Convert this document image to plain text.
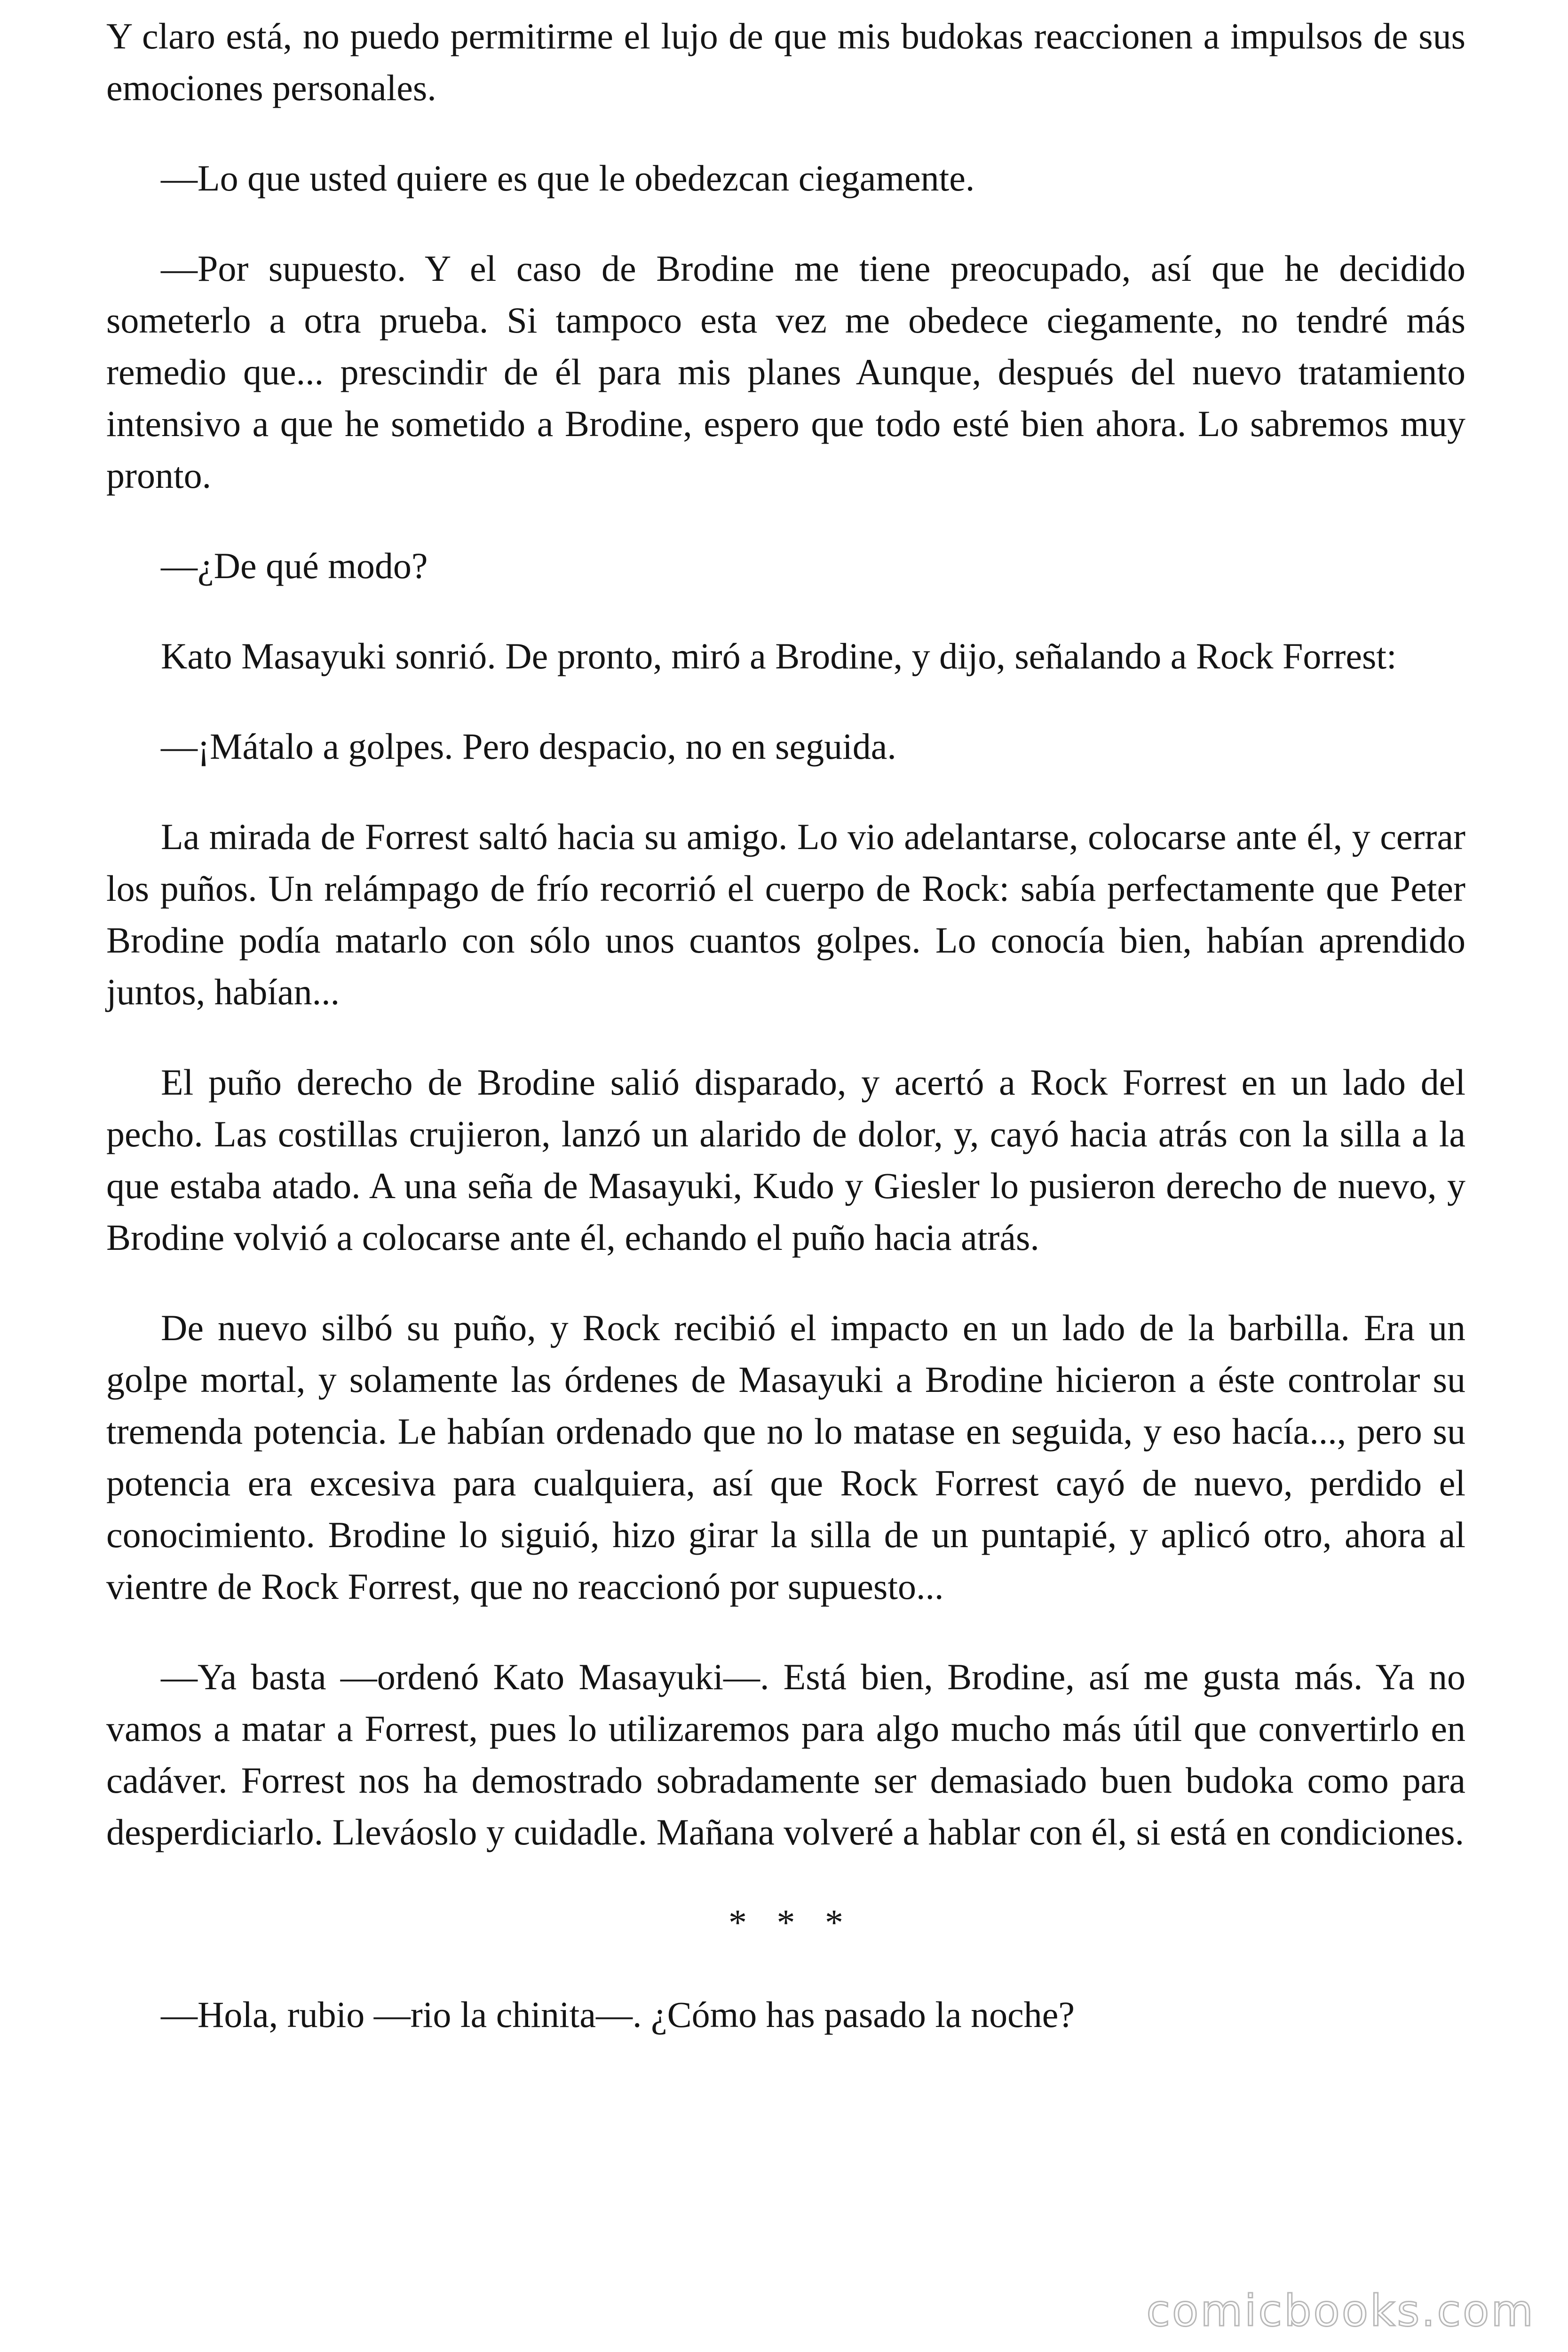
Y claro está, no puedo permitirme el lujo de que mis budokas reaccionen a impulsos de sus emociones personales.

—Lo que usted quiere es que le obedezcan ciegamente.

—Por supuesto. Y el caso de Brodine me tiene preocupado, así que he decidido someterlo a otra prueba. Si tampoco esta vez me obedece ciegamente, no tendré más remedio que... prescindir de él para mis planes Aunque, después del nuevo tratamiento intensivo a que he sometido a Brodine, espero que todo esté bien ahora. Lo sabremos muy pronto.

—¿De qué modo?

Kato Masayuki sonrió. De pronto, miró a Brodine, y dijo, señalando a Rock Forrest:

—¡Mátalo a golpes. Pero despacio, no en seguida.

La mirada de Forrest saltó hacia su amigo. Lo vio adelantarse, colocarse ante él, y cerrar los puños. Un relámpago de frío recorrió el cuerpo de Rock: sabía perfectamente que Peter Brodine podía matarlo con sólo unos cuantos golpes. Lo conocía bien, habían aprendido juntos, habían...

El puño derecho de Brodine salió disparado, y acertó a Rock Forrest en un lado del pecho. Las costillas crujieron, lanzó un alarido de dolor, y, cayó hacia atrás con la silla a la que estaba atado. A una seña de Masayuki, Kudo y Giesler lo pusieron derecho de nuevo, y Brodine volvió a colocarse ante él, echando el puño hacia atrás.

De nuevo silbó su puño, y Rock recibió el impacto en un lado de la barbilla. Era un golpe mortal, y solamente las órdenes de Masayuki a Brodine hicieron a éste controlar su tremenda potencia. Le habían ordenado que no lo matase en seguida, y eso hacía..., pero su potencia era excesiva para cualquiera, así que Rock Forrest cayó de nuevo, perdido el conocimiento. Brodine lo siguió, hizo girar la silla de un puntapié, y aplicó otro, ahora al vientre de Rock Forrest, que no reaccionó por supuesto...

—Ya basta —ordenó Kato Masayuki—. Está bien, Brodine, así me gusta más. Ya no vamos a matar a Forrest, pues lo utilizaremos para algo mucho más útil que convertirlo en cadáver. Forrest nos ha demostrado sobradamente ser demasiado buen budoka como para desperdiciarlo. Lleváoslo y cuidadle. Mañana volveré a hablar con él, si está en condiciones.

* * *

—Hola, rubio —rio la chinita—. ¿Cómo has pasado la noche?

comicbooks.com
